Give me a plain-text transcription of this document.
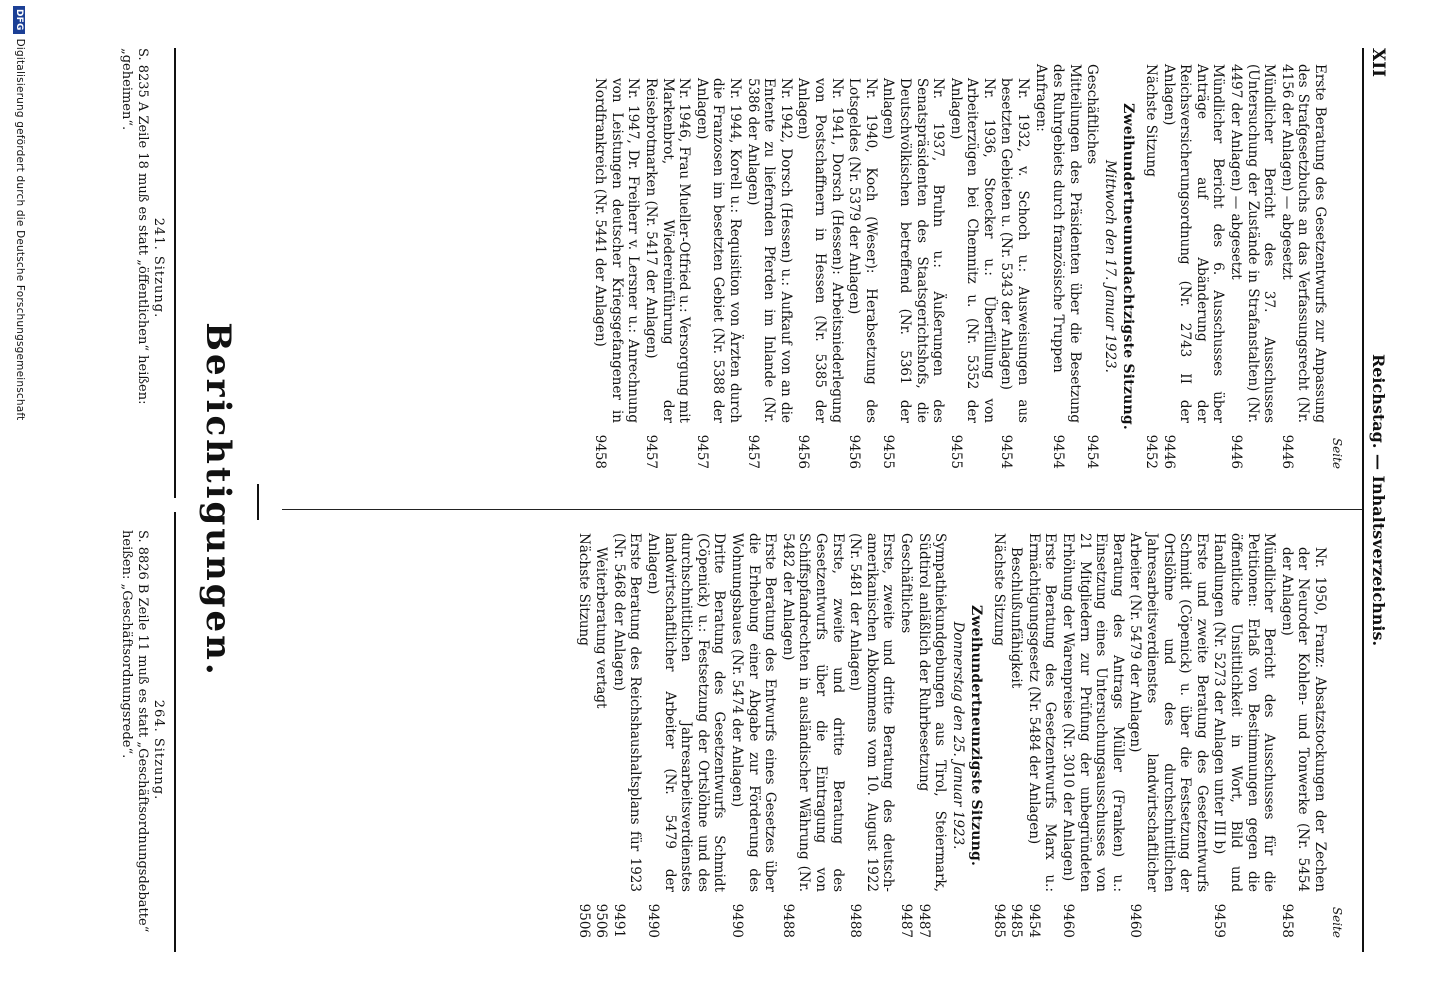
XII
Reichstag. — Inhaltsverzeichnis.
Seite
Erste Beratung des Gesetzentwurfs zur Anpassung des Strafgesetzbuchs an das Verfassungsrecht (Nr. 4156 der Anlagen) — abgesetzt
9446
Mündlicher Bericht des 37. Ausschusses (Untersuchung der Zustände in Strafanstalten) (Nr. 4497 der Anlagen) — abgesetzt
9446
Mündlicher Bericht des 6. Ausschusses über Anträge auf Abänderung der Reichsversicherungsordnung (Nr. 2743 II der Anlagen)
9446
Nächste Sitzung
9452
Zweihundertneunundachtzigste Sitzung.
Mittwoch den 17. Januar 1923.
Geschäftliches
9454
Mitteilungen des Präsidenten über die Besetzung des Ruhrgebiets durch französische Truppen
9454
Anfragen:
Nr. 1932, v. Schoch u.: Ausweisungen aus besetzten Gebieten u. (Nr. 5343 der Anlagen)
9454
Nr. 1936, Stoecker u.: Überfüllung von Arbeiterzügen bei Chemnitz u. (Nr. 5352 der Anlagen)
9455
Nr. 1937, Bruhn u.: Äußerungen des Senatspräsidenten des Staatsgerichtshofs, die Deutschvölkischen betreffend (Nr. 5361 der Anlagen)
9455
Nr. 1940, Koch (Weser): Herabsetzung des Lotsgeldes (Nr. 5379 der Anlagen)
9456
Nr. 1941, Dorsch (Hessen): Arbeitsniederlegung von Postschaffnern in Hessen (Nr. 5385 der Anlagen)
9456
Nr. 1942, Dorsch (Hessen) u.: Aufkauf von an die Entente zu liefernden Pferden im Inlande (Nr. 5386 der Anlagen)
9457
Nr. 1944, Korell u.: Requisition von Ärzten durch die Franzosen im besetzten Gebiet (Nr. 5388 der Anlagen)
9457
Nr. 1946, Frau Mueller-Otfried u.: Versorgung mit Markenbrot, Wiedereinführung der Reisebrotmarken (Nr. 5417 der Anlagen)
9457
Nr. 1947, Dr. Freiherr v. Lersner u.: Anrechnung von Leistungen deutscher Kriegsgefangener in Nordfrankreich (Nr. 5441 der Anlagen)
9458
Seite
Nr. 1950, Franz: Absatzstockungen der Zechen der Neuroder Kohlen- und Tonwerke (Nr. 5454 der Anlagen)
9458
Mündlicher Bericht des Ausschusses für die Petitionen: Erlaß von Bestimmungen gegen die öffentliche Unsittlichkeit in Wort, Bild und Handlungen (Nr. 5273 der Anlagen unter III b)
9459
Erste und zweite Beratung des Gesetzentwurfs Schmidt (Cöpenick) u. über die Festsetzung der Ortslöhne und des durchschnittlichen Jahresarbeitsverdienstes landwirtschaftlicher Arbeiter (Nr. 5479 der Anlagen)
9460
Beratung des Antrags Müller (Franken) u.: Einsetzung eines Untersuchungsausschusses von 21 Mitgliedern zur Prüfung der unbegründeten Erhöhung der Warenpreise (Nr. 3010 der Anlagen)
9460
Erste Beratung des Gesetzentwurfs Marx u.: Ermächtigungsgesetz (Nr. 5484 der Anlagen)
9454
Beschlußunfähigkeit
9485
Nächste Sitzung
9485
Zweihundertneunzigste Sitzung.
Donnerstag den 25. Januar 1923.
Sympathiekundgebungen aus Tirol, Steiermark, Südtirol anläßlich der Ruhrbesetzung
9487
Geschäftliches
9487
Erste, zweite und dritte Beratung des deutsch-amerikanischen Abkommens vom 10. August 1922 (Nr. 5481 der Anlagen)
9488
Erste, zweite und dritte Beratung des Gesetzentwurfs über die Eintragung von Schiffspfandrechten in ausländischer Währung (Nr. 5482 der Anlagen)
9488
Erste Beratung des Entwurfs eines Gesetzes über die Erhebung einer Abgabe zur Förderung des Wohnungsbaues (Nr. 5474 der Anlagen)
9490
Dritte Beratung des Gesetzentwurfs Schmidt (Cöpenick) u.: Festsetzung der Ortslöhne und des durchschnittlichen Jahresarbeitsverdienstes landwirtschaftlicher Arbeiter (Nr. 5479 der Anlagen)
9490
Erste Beratung des Reichshaushaltsplans für 1923 (Nr. 5468 der Anlagen)
9491
Weiterberatung vertagt
9506
Nächste Sitzung
9506
Berichtigungen.
241. Sitzung.
S. 8235 A Zeile 18 muß es statt „öffentlichen“ heißen: „geheimen“.
264. Sitzung.
S. 8826 B Zeile 11 muß es statt „Geschäftsordnungsdebatte“ heißen: „Geschäftsordnungsrede“.
DFGDigitalisierung gefördert durch die Deutsche Forschungsgemeinschaft
